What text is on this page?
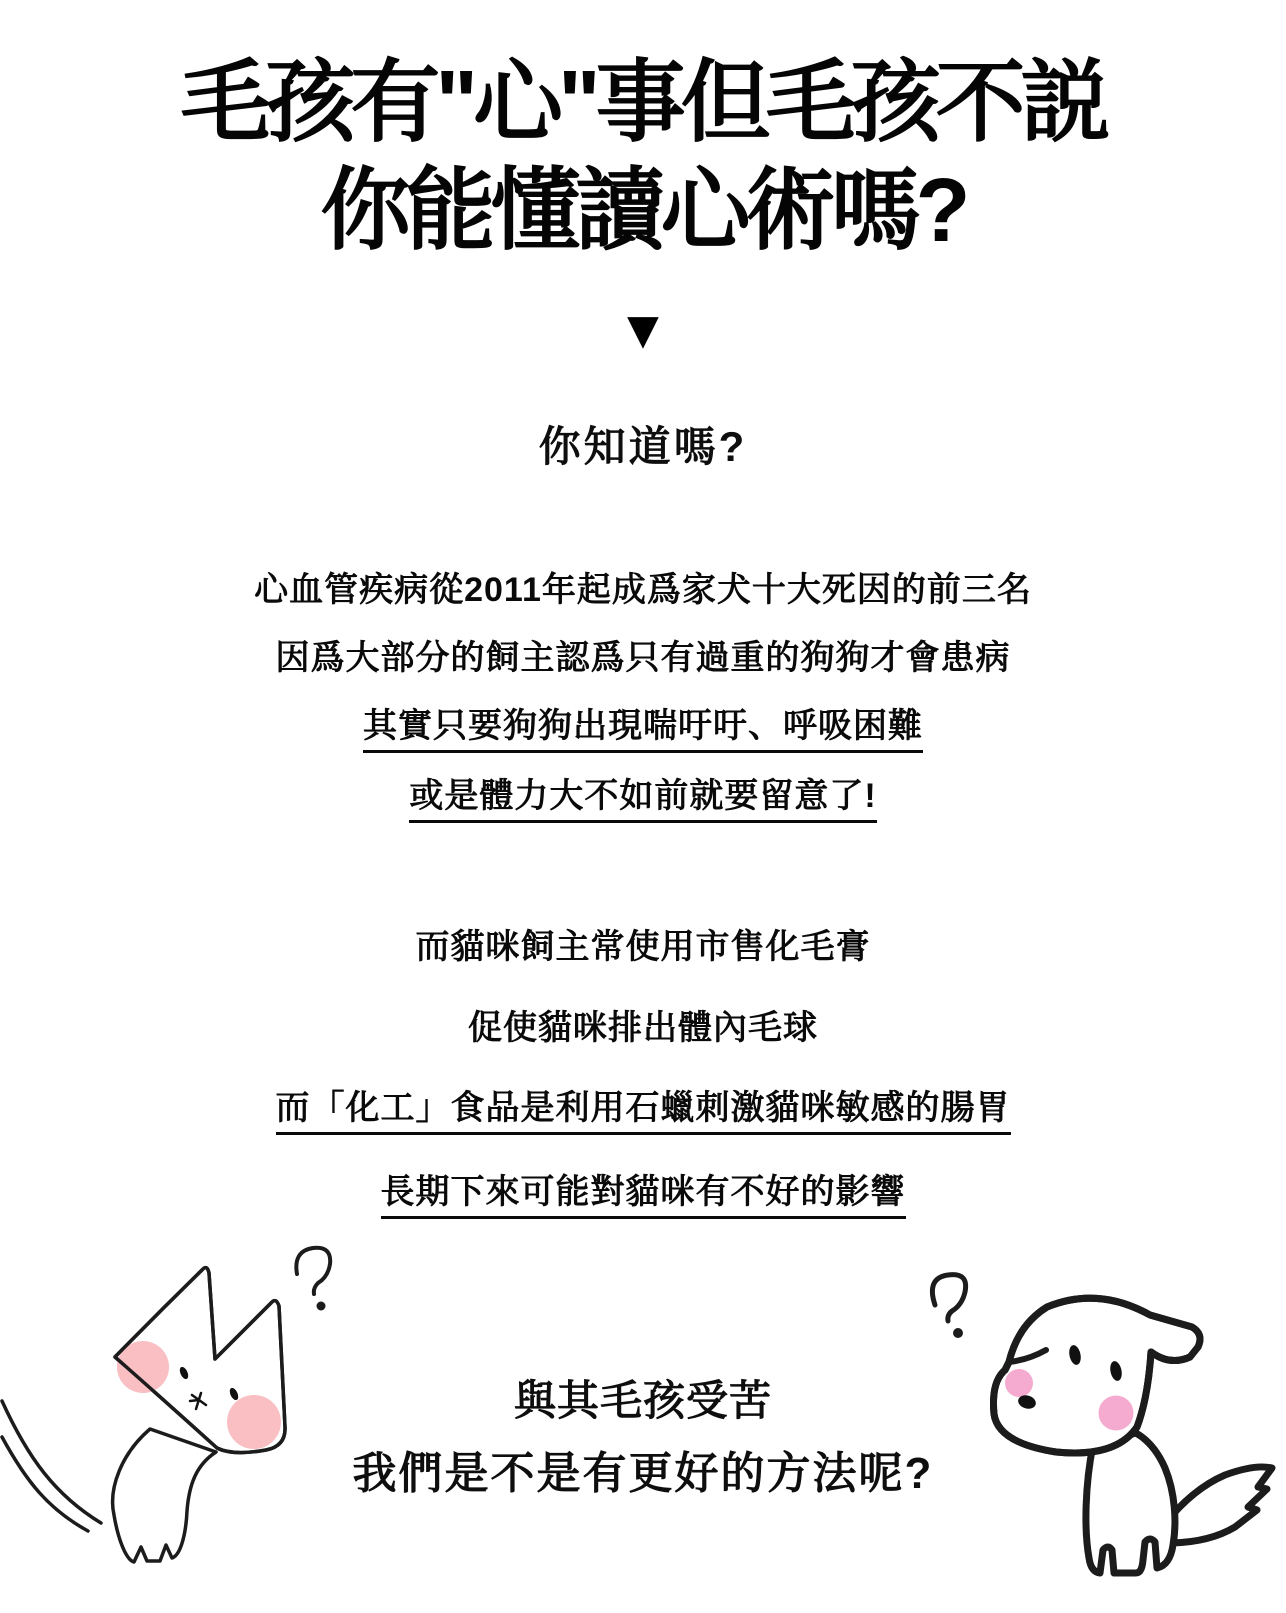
毛孩有"心"事但毛孩不説
你能懂讀心術嗎?
▼
你知道嗎?
心血管疾病從2011年起成爲家犬十大死因的前三名
因爲大部分的飼主認爲只有過重的狗狗才會患病
其實只要狗狗出現喘吁吁、呼吸困難
或是體力大不如前就要留意了!
而貓咪飼主常使用市售化毛膏
促使貓咪排出體內毛球
而「化工」食品是利用石蠟刺激貓咪敏感的腸胃
長期下來可能對貓咪有不好的影響
與其毛孩受苦
我們是不是有更好的方法呢?
